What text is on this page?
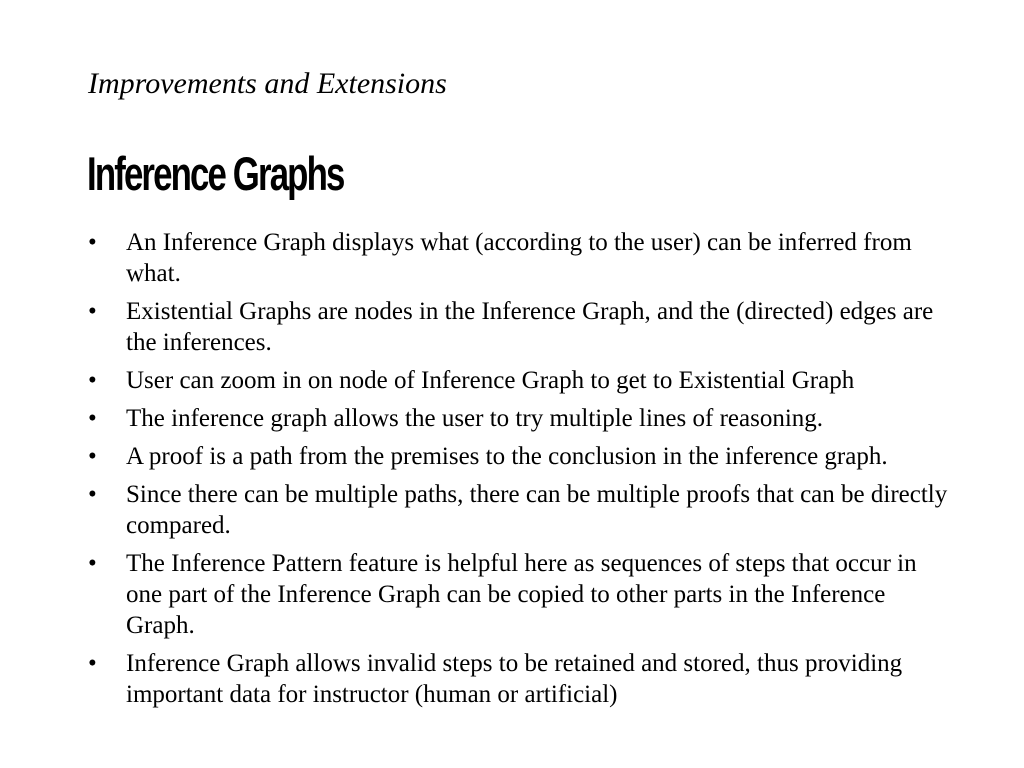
Improvements and Extensions
Inference Graphs
• An Inference Graph displays what (according to the user) can be inferred from what.
• Existential Graphs are nodes in the Inference Graph, and the (directed) edges are the inferences.
• User can zoom in on node of Inference Graph to get to Existential Graph
• The inference graph allows the user to try multiple lines of reasoning.
• A proof is a path from the premises to the conclusion in the inference graph.
• Since there can be multiple paths, there can be multiple proofs that can be directly compared.
• The Inference Pattern feature is helpful here as sequences of steps that occur in one part of the Inference Graph can be copied to other parts in the Inference Graph.
• Inference Graph allows invalid steps to be retained and stored, thus providing important data for instructor (human or artificial)
